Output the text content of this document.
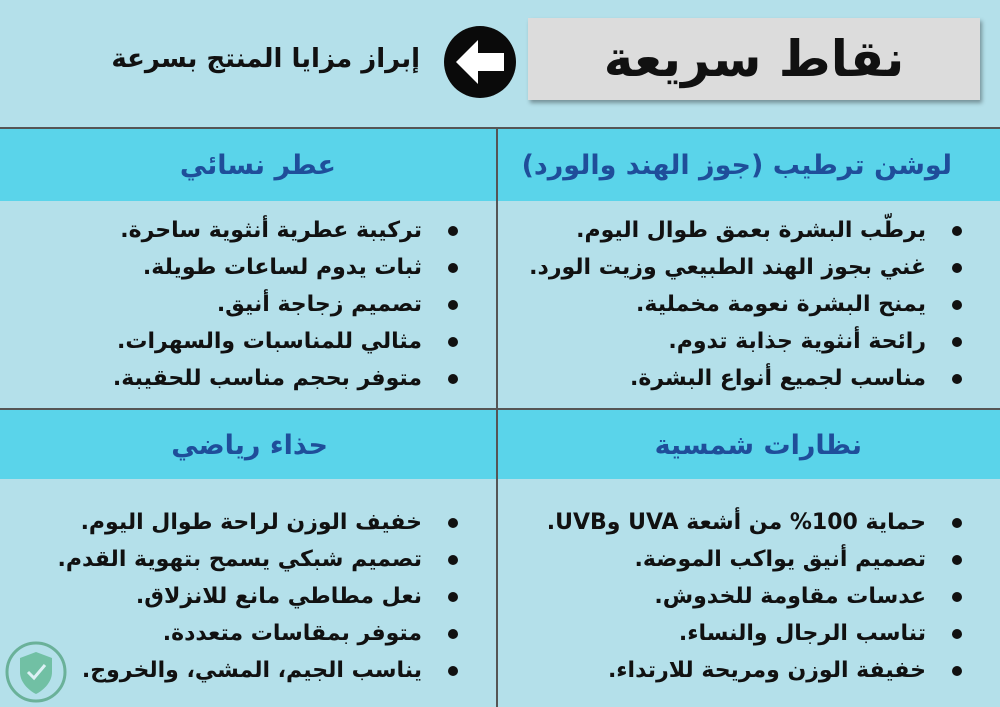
نقاط سريعة
إبراز مزايا المنتج بسرعة
لوشن ترطيب (جوز الهند والورد)
يرطّب البشرة بعمق طوال اليوم.
غني بجوز الهند الطبيعي وزيت الورد.
يمنح البشرة نعومة مخملية.
رائحة أنثوية جذابة تدوم.
مناسب لجميع أنواع البشرة.
عطر نسائي
تركيبة عطرية أنثوية ساحرة.
ثبات يدوم لساعات طويلة.
تصميم زجاجة أنيق.
مثالي للمناسبات والسهرات.
متوفر بحجم مناسب للحقيبة.
نظارات شمسية
حماية 100% من أشعة UVA وUVB.
تصميم أنيق يواكب الموضة.
عدسات مقاومة للخدوش.
تناسب الرجال والنساء.
خفيفة الوزن ومريحة للارتداء.
حذاء رياضي
خفيف الوزن لراحة طوال اليوم.
تصميم شبكي يسمح بتهوية القدم.
نعل مطاطي مانع للانزلاق.
متوفر بمقاسات متعددة.
يناسب الجيم، المشي، والخروج.
